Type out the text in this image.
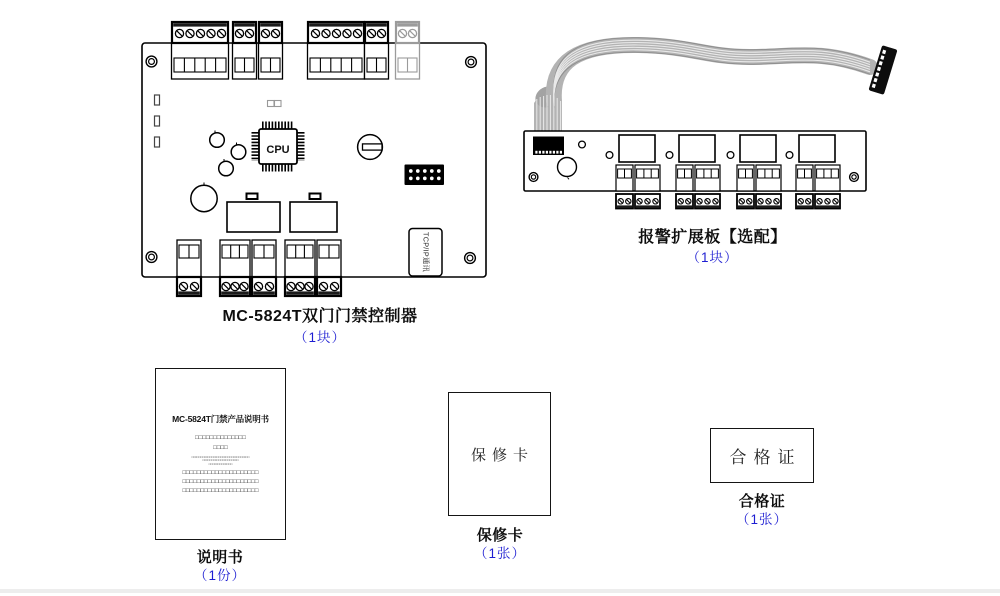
CPU
TCP/IP通讯
MC-5824T双门门禁控制器
（1块）
报警扩展板【选配】
（1块）
MC-5824T门禁产品说明书
□□□□□□□□□□□□□□
□□□□
□□□□□□□□□□□□□□□□□□□□□□□□□□□□□□□□
□□□□□□□□□□□□□□□□□□□□
□□□□□□□□□□□□□
□□□□□□□□□□□□□□□□□□□□□
□□□□□□□□□□□□□□□□□□□□□
□□□□□□□□□□□□□□□□□□□□□
说明书
（1份）
保修卡
保修卡
（1张）
合格证
合格证
（1张）
